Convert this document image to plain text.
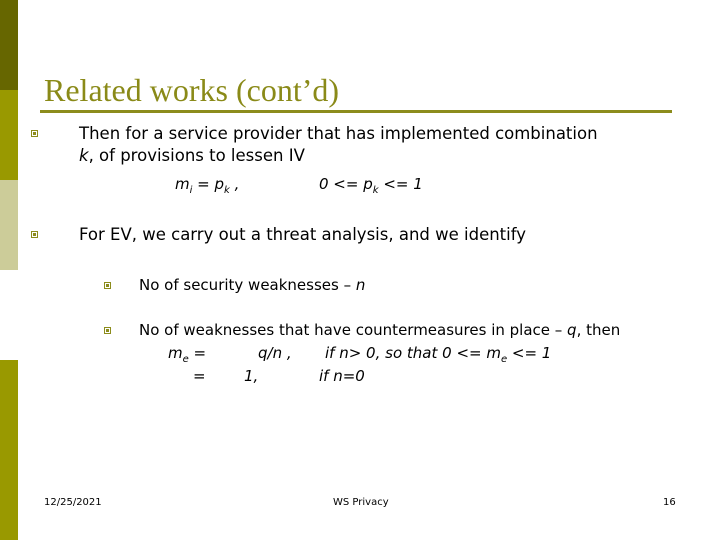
Related works (cont’d)
Then for a service provider that has implemented combination
k, of provisions to lessen IV
$m_i = p_k$ ,	$0 <= p_k <= 1$
For EV, we carry out a threat analysis, and we identify
No of security weaknesses – n
No of weaknesses that have countermeasures in place – q, then
$m_e$ =	q/n , if n> 0, so that $0 <= m_e <= 1$
=	1,	if n=0
12/25/2021	WS Privacy	16
